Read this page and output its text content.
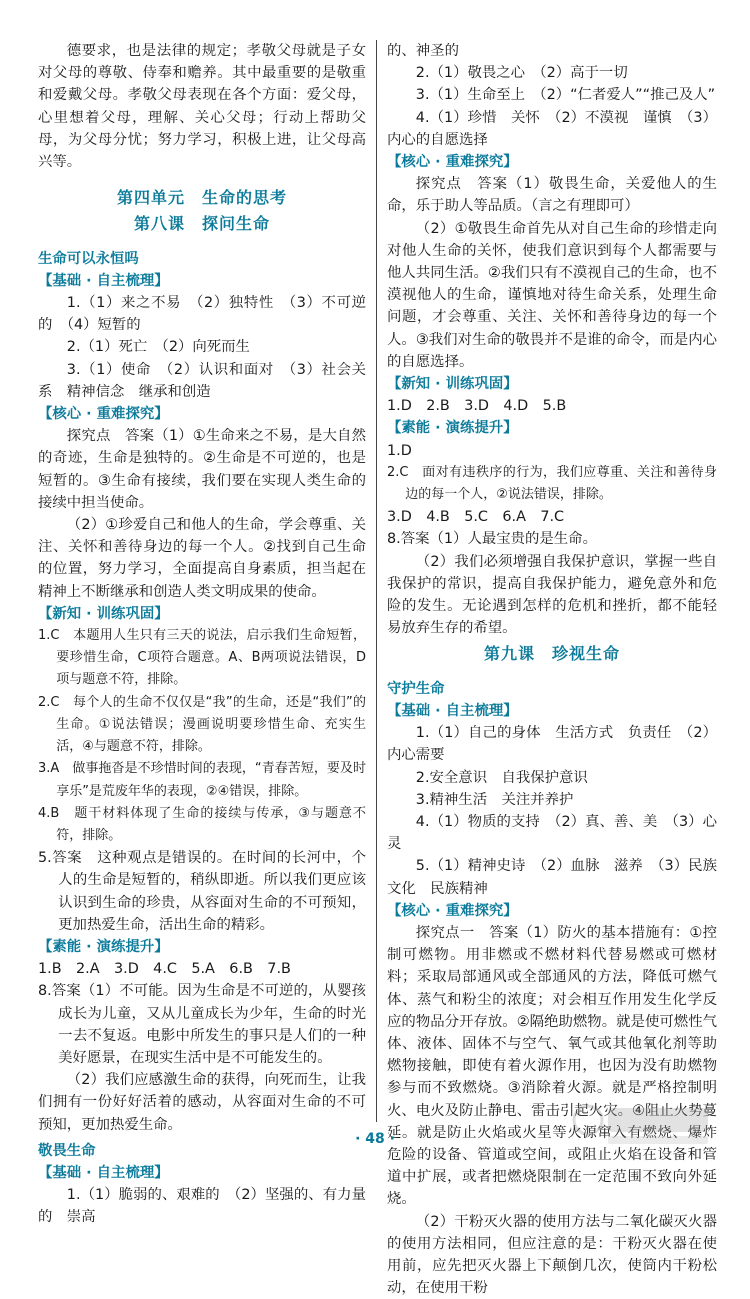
德要求，也是法律的规定；孝敬父母就是子女对父母的尊敬、侍奉和赡养。其中最重要的是敬重和爱戴父母。孝敬父母表现在各个方面：爱父母，心里想着父母，理解、关心父母；行动上帮助父母，为父母分忧；努力学习，积极上进，让父母高兴等。

第四单元　生命的思考

第八课　探问生命

生命可以永恒吗

【基础 · 自主梳理】

1.（1）来之不易　（2）独特性　（3）不可逆的　（4）短暂的

2.（1）死亡　（2）向死而生

3.（1）使命　（2）认识和面对　（3）社会关系　精神信念　继承和创造

【核心 · 重难探究】

探究点　答案（1）①生命来之不易，是大自然的奇迹，生命是独特的。②生命是不可逆的，也是短暂的。③生命有接续，我们要在实现人类生命的接续中担当使命。

（2）①珍爱自己和他人的生命，学会尊重、关注、关怀和善待身边的每一个人。②找到自己生命的位置，努力学习，全面提高自身素质，担当起在精神上不断继承和创造人类文明成果的使命。

【新知 · 训练巩固】

1.C　本题用人生只有三天的说法，启示我们生命短暂，要珍惜生命，C项符合题意。A、B两项说法错误，D项与题意不符，排除。

2.C　每个人的生命不仅仅是“我”的生命，还是“我们”的生命。①说法错误；漫画说明要珍惜生命、充实生活，④与题意不符，排除。

3.A　做事拖沓是不珍惜时间的表现，“青春苦短，要及时享乐”是荒废年华的表现，②④错误，排除。

4.B　题干材料体现了生命的接续与传承，③与题意不符，排除。

5.答案　这种观点是错误的。在时间的长河中，个人的生命是短暂的，稍纵即逝。所以我们更应该认识到生命的珍贵，从容面对生命的不可预知，更加热爱生命，活出生命的精彩。

【素能 · 演练提升】

1.B　2.A　3.D　4.C　5.A　6.B　7.B

8.答案（1）不可能。因为生命是不可逆的，从婴孩成长为儿童，又从儿童成长为少年，生命的时光一去不复返。电影中所发生的事只是人们的一种美好愿景，在现实生活中是不可能发生的。

（2）我们应感激生命的获得，向死而生，让我们拥有一份好好活着的感动，从容面对生命的不可预知，更加热爱生命。

敬畏生命

【基础 · 自主梳理】

1.（1）脆弱的、艰难的　（2）坚强的、有力量的　崇高

的、神圣的

2.（1）敬畏之心　（2）高于一切

3.（1）生命至上　（2）“仁者爱人”“推己及人”

4.（1）珍惜　关怀　（2）不漠视　谨慎　（3）内心的自愿选择

【核心 · 重难探究】

探究点　答案（1）敬畏生命，关爱他人的生命，乐于助人等品质。（言之有理即可）

（2）①敬畏生命首先从对自己生命的珍惜走向对他人生命的关怀，使我们意识到每个人都需要与他人共同生活。②我们只有不漠视自己的生命，也不漠视他人的生命，谨慎地对待生命关系，处理生命问题，才会尊重、关注、关怀和善待身边的每一个人。③我们对生命的敬畏并不是谁的命令，而是内心的自愿选择。

【新知 · 训练巩固】

1.D　2.B　3.D　4.D　5.B

【素能 · 演练提升】

1.D

2.C　面对有违秩序的行为，我们应尊重、关注和善待身边的每一个人，②说法错误，排除。

3.D　4.B　5.C　6.A　7.C

8.答案（1）人最宝贵的是生命。

（2）我们必须增强自我保护意识，掌握一些自我保护的常识，提高自我保护能力，避免意外和危险的发生。无论遇到怎样的危机和挫折，都不能轻易放弃生存的希望。

第九课　珍视生命

守护生命

【基础 · 自主梳理】

1.（1）自己的身体　生活方式　负责任　（2）内心需要

2.安全意识　自我保护意识

3.精神生活　关注并养护

4.（1）物质的支持　（2）真、善、美　（3）心灵

5.（1）精神史诗　（2）血脉　滋养　（3）民族文化　民族精神

【核心 · 重难探究】

探究点一　答案（1）防火的基本措施有：①控制可燃物。用非燃或不燃材料代替易燃或可燃材料；采取局部通风或全部通风的方法，降低可燃气体、蒸气和粉尘的浓度；对会相互作用发生化学反应的物品分开存放。②隔绝助燃物。就是使可燃性气体、液体、固体不与空气、氧气或其他氧化剂等助燃物接触，即使有着火源作用，也因为没有助燃物参与而不致燃烧。③消除着火源。就是严格控制明火、电火及防止静电、雷击引起火灾。④阻止火势蔓延。就是防止火焰或火星等火源窜入有燃烧、爆炸危险的设备、管道或空间，或阻止火焰在设备和管道中扩展，或者把燃烧限制在一定范围不致向外延烧。

（2）干粉灭火器的使用方法与二氧化碳灭火器的使用方法相同，但应注意的是：干粉灭火器在使用前，应先把灭火器上下颠倒几次，使筒内干粉松动，在使用干粉

· 48 ·
